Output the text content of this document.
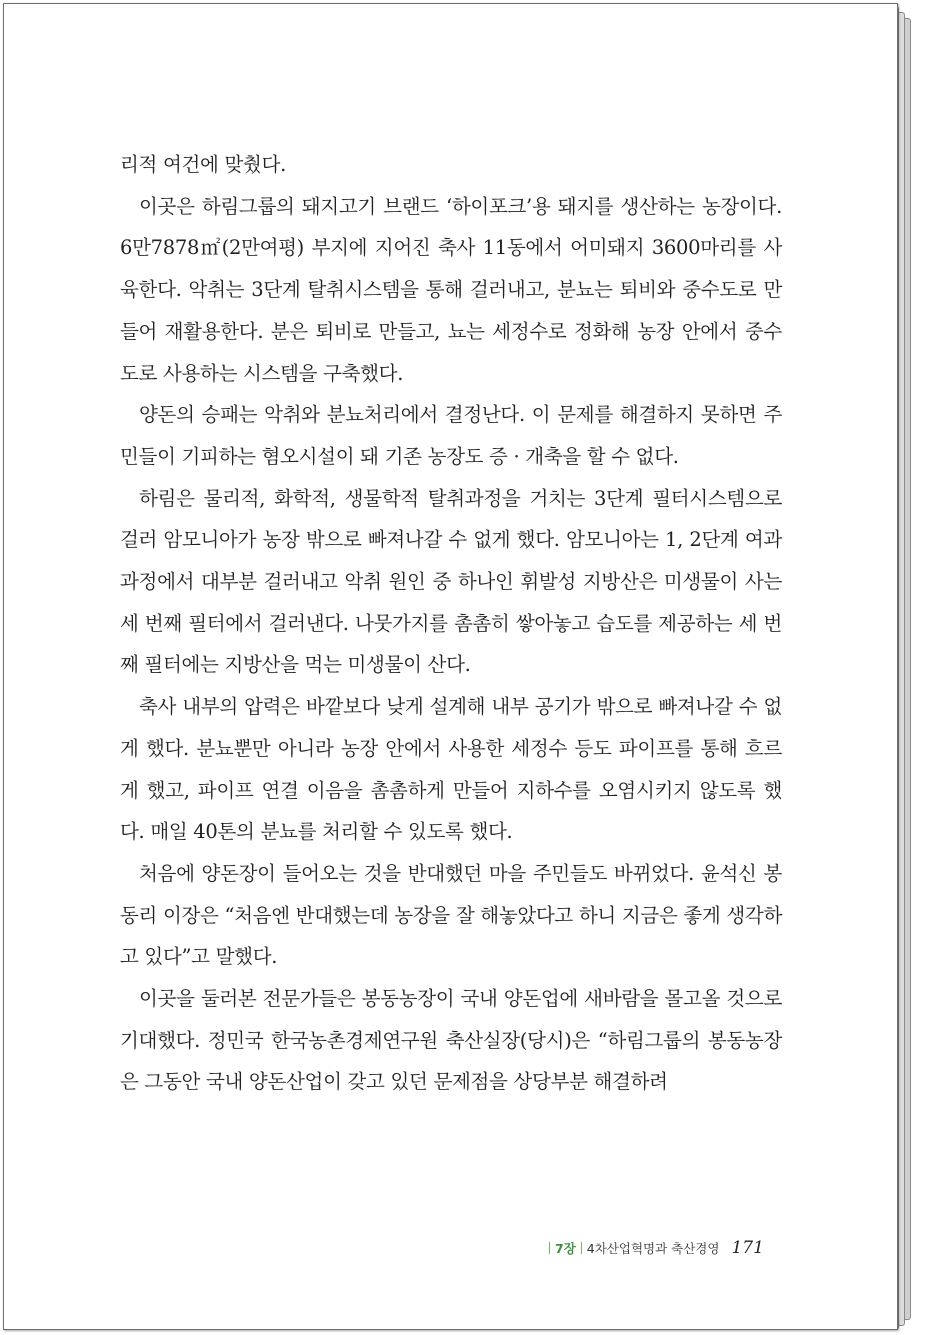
리적 여건에 맞췄다.

이곳은 하림그룹의 돼지고기 브랜드 ‘하이포크’용 돼지를 생산하는 농장이다. 6만7878㎡(2만여평) 부지에 지어진 축사 11동에서 어미돼지 3600마리를 사육한다. 악취는 3단계 탈취시스템을 통해 걸러내고, 분뇨는 퇴비와 중수도로 만들어 재활용한다. 분은 퇴비로 만들고, 뇨는 세정수로 정화해 농장 안에서 중수도로 사용하는 시스템을 구축했다.

양돈의 승패는 악취와 분뇨처리에서 결정난다. 이 문제를 해결하지 못하면 주민들이 기피하는 혐오시설이 돼 기존 농장도 증 · 개축을 할 수 없다.

하림은 물리적, 화학적, 생물학적 탈취과정을 거치는 3단계 필터시스템으로 걸러 암모니아가 농장 밖으로 빠져나갈 수 없게 했다. 암모니아는 1, 2단계 여과과정에서 대부분 걸러내고 악취 원인 중 하나인 휘발성 지방산은 미생물이 사는 세 번째 필터에서 걸러낸다. 나뭇가지를 촘촘히 쌓아놓고 습도를 제공하는 세 번째 필터에는 지방산을 먹는 미생물이 산다.

축사 내부의 압력은 바깥보다 낮게 설계해 내부 공기가 밖으로 빠져나갈 수 없게 했다. 분뇨뿐만 아니라 농장 안에서 사용한 세정수 등도 파이프를 통해 흐르게 했고, 파이프 연결 이음을 촘촘하게 만들어 지하수를 오염시키지 않도록 했다. 매일 40톤의 분뇨를 처리할 수 있도록 했다.

처음에 양돈장이 들어오는 것을 반대했던 마을 주민들도 바뀌었다. 윤석신 봉동리 이장은 “처음엔 반대했는데 농장을 잘 해놓았다고 하니 지금은 좋게 생각하고 있다”고 말했다.

이곳을 둘러본 전문가들은 봉동농장이 국내 양돈업에 새바람을 몰고올 것으로 기대했다. 정민국 한국농촌경제연구원 축산실장(당시)은 “하림그룹의 봉동농장은 그동안 국내 양돈산업이 갖고 있던 문제점을 상당부분 해결하려

7장 4차산업혁명과 축산경영 171
